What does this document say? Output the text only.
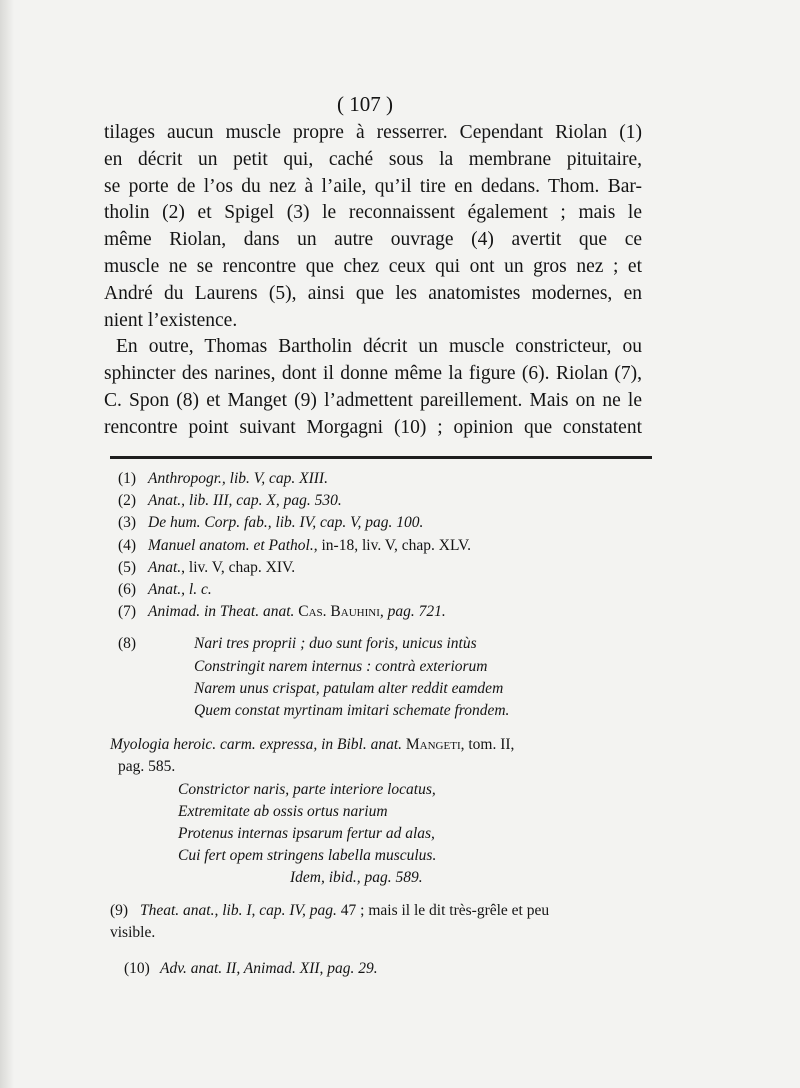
( 107 )
tilages aucun muscle propre à resserrer. Cependant Riolan (1)
en décrit un petit qui, caché sous la membrane pituitaire,
se porte de l’os du nez à l’aile, qu’il tire en dedans. Thom. Bar-
tholin (2) et Spigel (3) le reconnaissent également ; mais le
même Riolan, dans un autre ouvrage (4) avertit que ce
muscle ne se rencontre que chez ceux qui ont un gros nez ; et
André du Laurens (5), ainsi que les anatomistes modernes, en
nient l’existence.
En outre, Thomas Bartholin décrit un muscle constricteur, ou
sphincter des narines, dont il donne même la figure (6). Riolan (7),
C. Spon (8) et Manget (9) l’admettent pareillement. Mais on ne le
rencontre point suivant Morgagni (10) ; opinion que constatent
(1) Anthropogr., lib. V, cap. XIII.
(2) Anat., lib. III, cap. X, pag. 530.
(3) De hum. Corp. fab., lib. IV, cap. V, pag. 100.
(4) Manuel anatom. et Pathol., in-18, liv. V, chap. XLV.
(5) Anat., liv. V, chap. XIV.
(6) Anat., l. c.
(7) Animad. in Theat. anat. Cas. Bauhini, pag. 721.
(8)	Nari tres proprii ; duo sunt foris, unicus intùs
Constringit narem internus : contrà exteriorum
Narem unus crispat, patulam alter reddit eamdem
Quem constat myrtinam imitari schemate frondem.
Myologia heroic. carm. expressa, in Bibl. anat. Mangeti, tom. II,
pag. 585.
Constrictor naris, parte interiore locatus,
Extremitate ab ossis ortus narium
Protenus internas ipsarum fertur ad alas,
Cui fert opem stringens labella musculus.
Idem, ibid., pag. 589.
(9) Theat. anat., lib. I, cap. IV, pag. 47 ; mais il le dit très-grêle et peu
visible.
(10) Adv. anat. II, Animad. XII, pag. 29.
